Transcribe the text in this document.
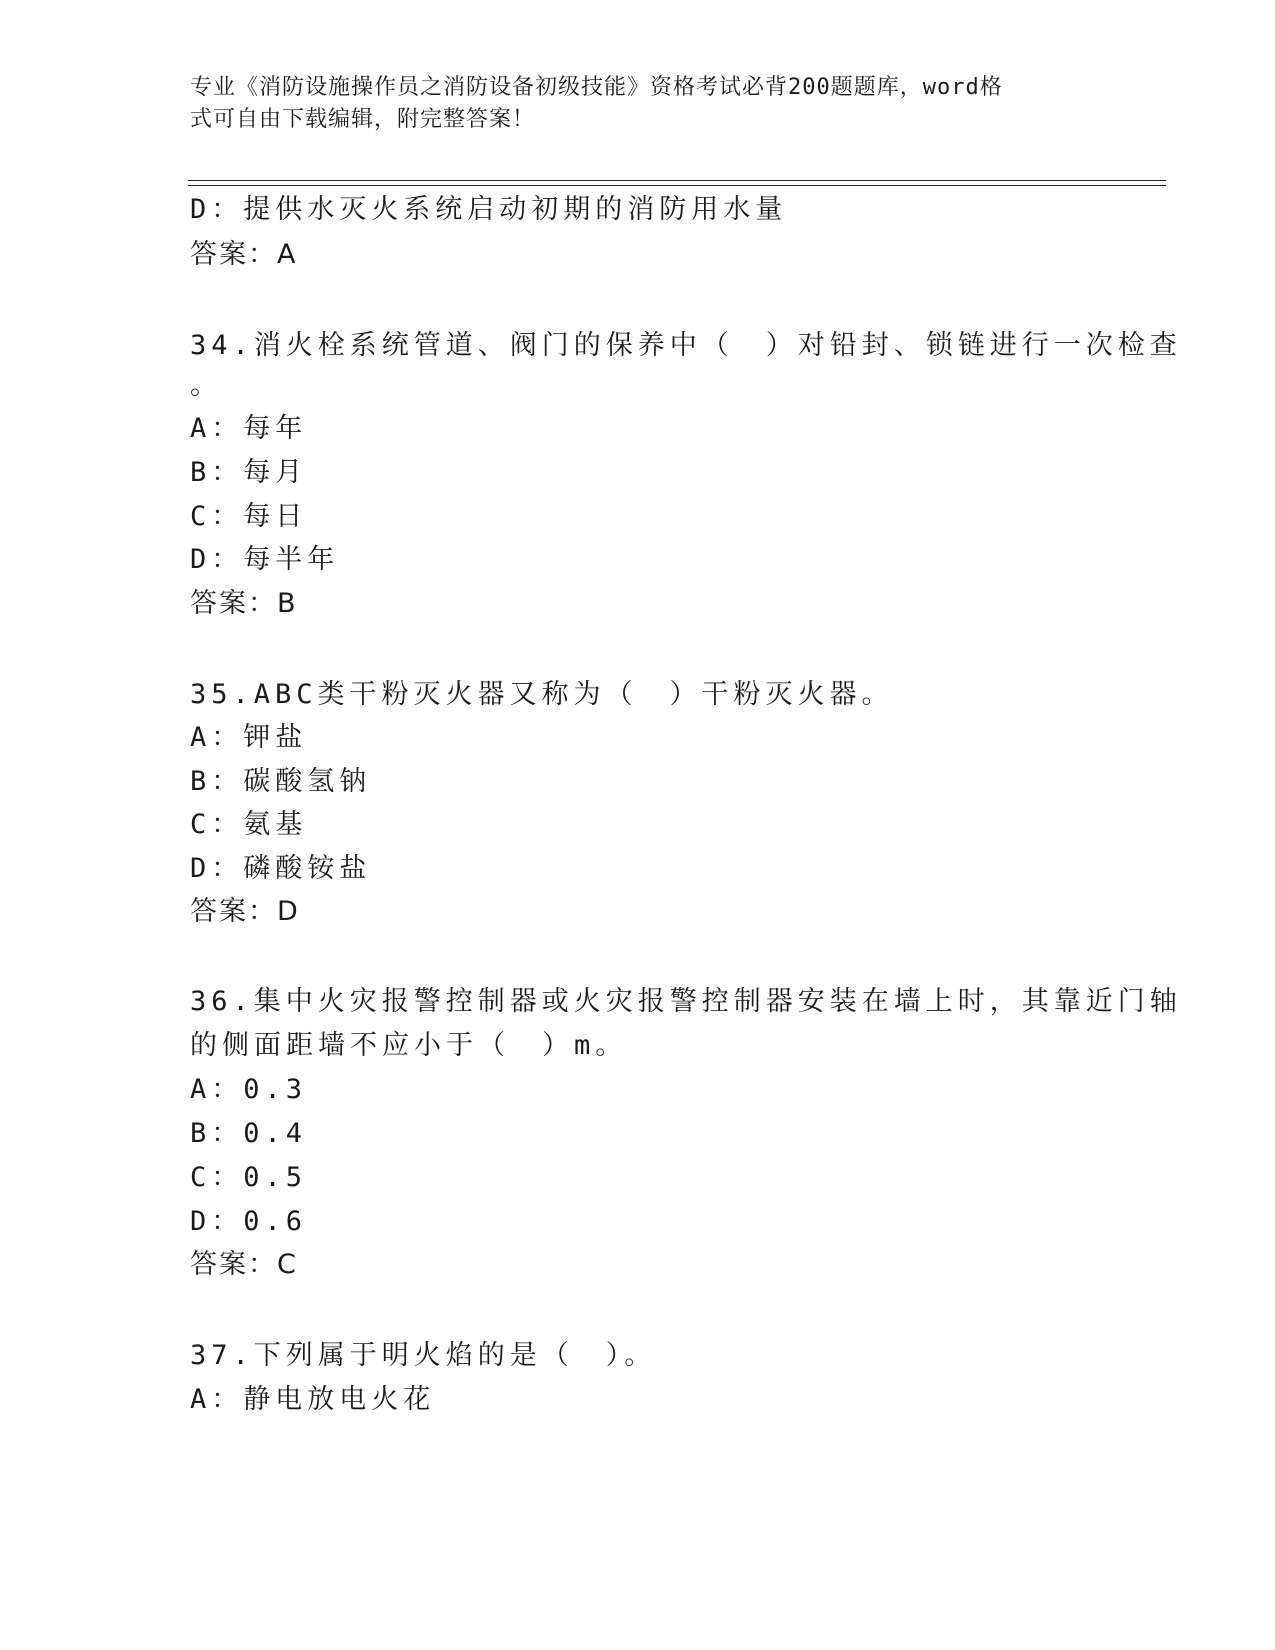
专业《消防设施操作员之消防设备初级技能》资格考试必背200题题库，word格
式可自由下载编辑，附完整答案！
D：提供水灭火系统启动初期的消防用水量
答案：A
34.消火栓系统管道、阀门的保养中（　）对铅封、锁链进行一次检查
。
A：每年
B：每月
C：每日
D：每半年
答案：B
35.ABC类干粉灭火器又称为（　）干粉灭火器。
A：钾盐
B：碳酸氢钠
C：氨基
D：磷酸铵盐
答案：D
36.集中火灾报警控制器或火灾报警控制器安装在墙上时，其靠近门轴
的侧面距墙不应小于（　）m。
A：0.3
B：0.4
C：0.5
D：0.6
答案：C
37.下列属于明火焰的是（　）。
A：静电放电火花
